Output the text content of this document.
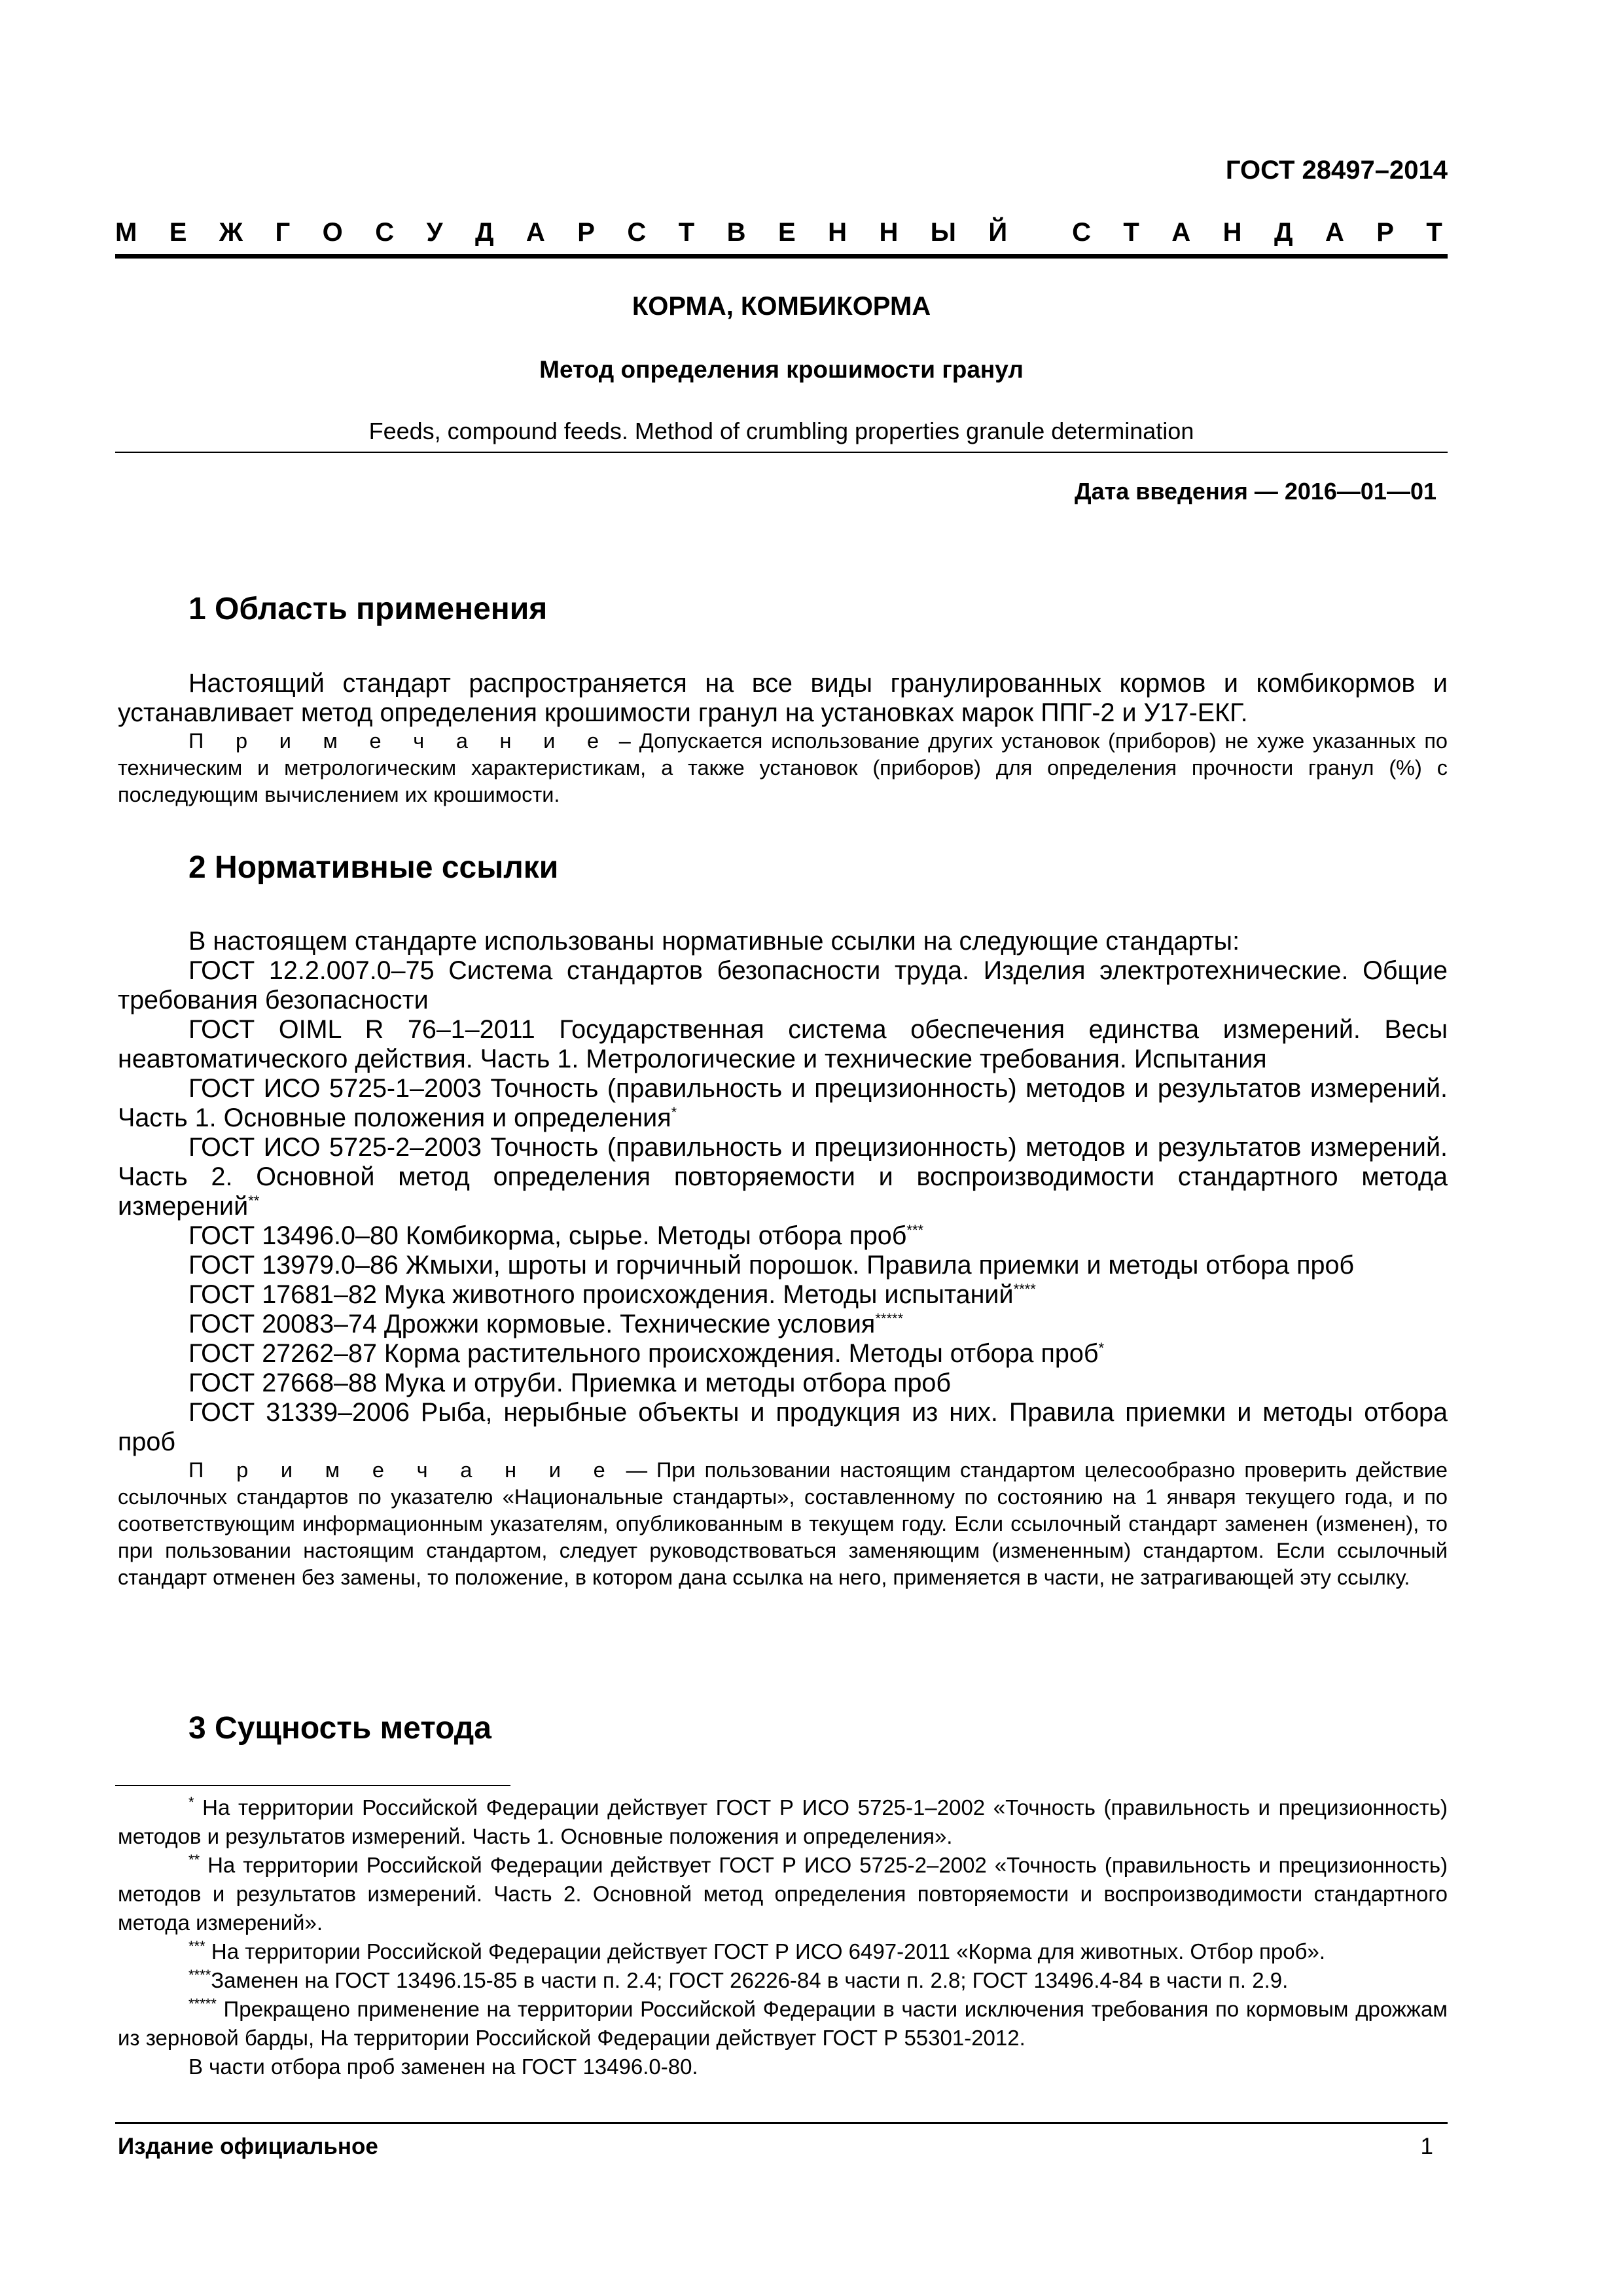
ГОСТ 28497–2014
М Е Ж Г О С У Д А Р С Т В Е Н Н Ы Й С Т А Н Д А Р Т
КОРМА, КОМБИКОРМА
Метод определения крошимости гранул
Feeds, compound feeds. Method of crumbling properties granule determination
Дата введения — 2016—01—01
1 Область применения

Настоящий стандарт распространяется на все виды гранулированных кормов и комбикормов и устанавливает метод определения крошимости гранул на установках марок ППГ-2 и У17-ЕКГ.

П р и м е ч а н и е – Допускается использование других установок (приборов) не хуже указанных по техническим и метрологическим характеристикам, а также установок (приборов) для определения прочности гранул (%) с последующим вычислением их крошимости.

2 Нормативные ссылки

В настоящем стандарте использованы нормативные ссылки на следующие стандарты:

ГОСТ 12.2.007.0–75 Система стандартов безопасности труда. Изделия электротехнические. Общие требования безопасности

ГОСТ OIML R 76–1–2011 Государственная система обеспечения единства измерений. Весы неавтоматического действия. Часть 1. Метрологические и технические требования. Испытания

ГОСТ ИСО 5725-1–2003 Точность (правильность и прецизионность) методов и результатов измерений. Часть 1. Основные положения и определения*

ГОСТ ИСО 5725-2–2003 Точность (правильность и прецизионность) методов и результатов измерений. Часть 2. Основной метод определения повторяемости и воспроизводимости стандартного метода измерений**

ГОСТ 13496.0–80 Комбикорма, сырье. Методы отбора проб***

ГОСТ 13979.0–86 Жмыхи, шроты и горчичный порошок. Правила приемки и методы отбора проб

ГОСТ 17681–82 Мука животного происхождения. Методы испытаний****

ГОСТ 20083–74 Дрожжи кормовые. Технические условия*****

ГОСТ 27262–87 Корма растительного происхождения. Методы отбора проб*

ГОСТ 27668–88 Мука и отруби. Приемка и методы отбора проб

ГОСТ 31339–2006 Рыба, нерыбные объекты и продукция из них. Правила приемки и методы отбора проб

П р и м е ч а н и е — При пользовании настоящим стандартом целесообразно проверить действие ссылочных стандартов по указателю «Национальные стандарты», составленному по состоянию на 1 января текущего года, и по соответствующим информационным указателям, опубликованным в текущем году. Если ссылочный стандарт заменен (изменен), то при пользовании настоящим стандартом, следует руководствоваться заменяющим (измененным) стандартом. Если ссылочный стандарт отменен без замены, то положение, в котором дана ссылка на него, применяется в части, не затрагивающей эту ссылку.

3 Сущность метода

* На территории Российской Федерации действует ГОСТ Р ИСО 5725-1–2002 «Точность (правильность и прецизионность) методов и результатов измерений. Часть 1. Основные положения и определения».

** На территории Российской Федерации действует ГОСТ Р ИСО 5725-2–2002 «Точность (правильность и прецизионность) методов и результатов измерений. Часть 2. Основной метод определения повторяемости и воспроизводимости стандартного метода измерений».

*** На территории Российской Федерации действует ГОСТ Р ИСО 6497-2011 «Корма для животных. Отбор проб».

****Заменен на ГОСТ 13496.15-85 в части п. 2.4; ГОСТ 26226-84 в части п. 2.8; ГОСТ 13496.4-84 в части п. 2.9.

***** Прекращено применение на территории Российской Федерации в части исключения требования по кормовым дрожжам из зерновой барды, На территории Российской Федерации действует ГОСТ Р 55301-2012.

В части отбора проб заменен на ГОСТ 13496.0-80.

Издание официальное	1
